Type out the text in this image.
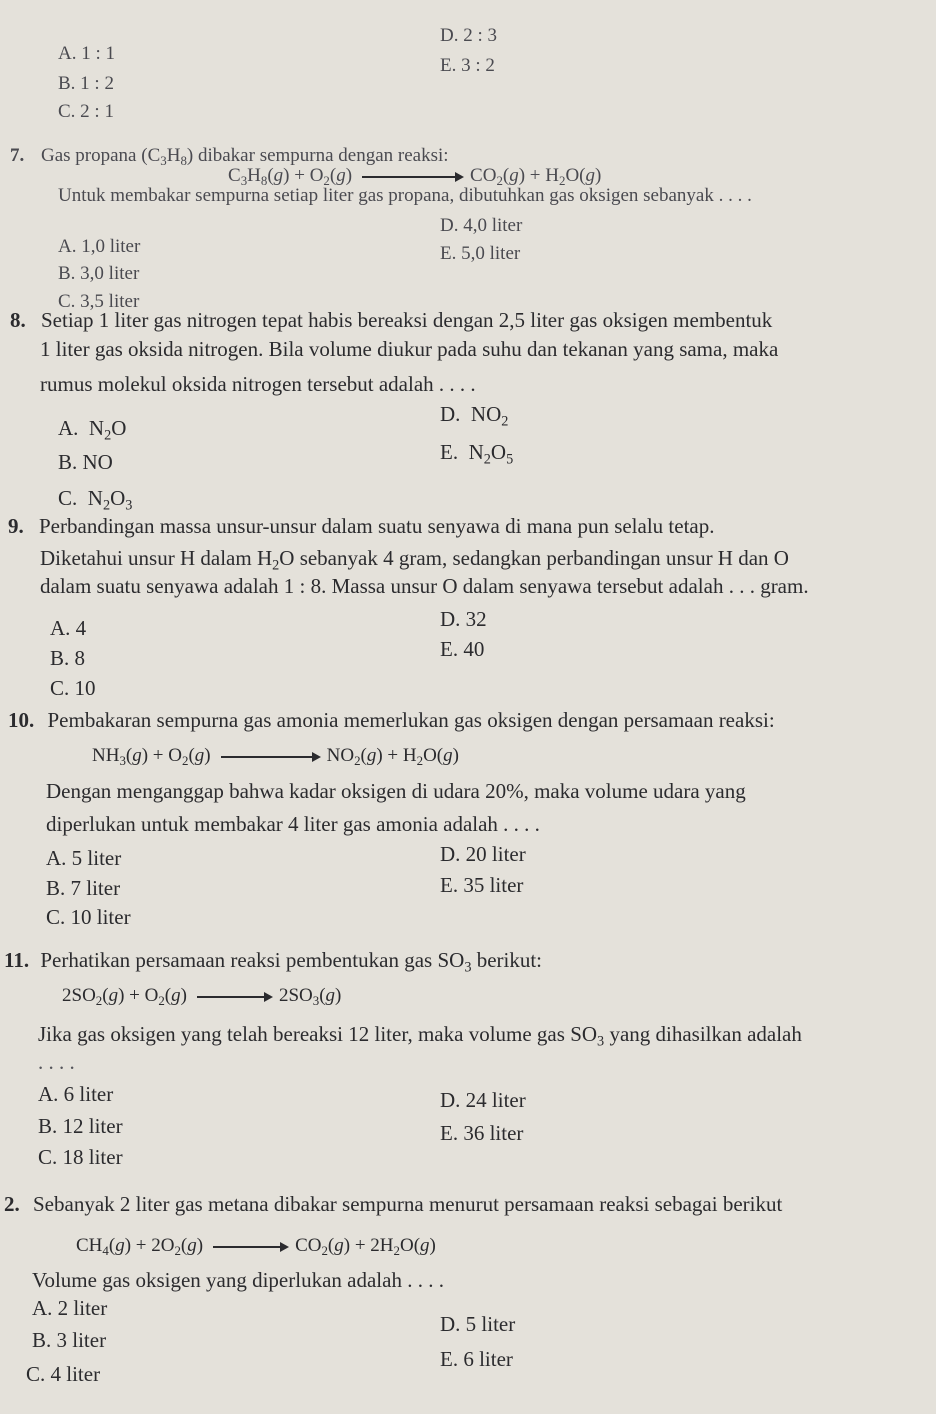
A. 1 : 1
B. 1 : 2
C. 2 : 1
D. 2 : 3
E. 3 : 2
7. Gas propana $(C_3H_8)$ dibakar sempurna dengan reaksi:
$C_3H_8(g) + O_2(g)$	$CO_2(g) + H_2O(g)$
Untuk membakar sempurna setiap liter gas propana, dibutuhkan gas oksigen sebanyak . . . .
A. 1,0 liter
B. 3,0 liter
C. 3,5 liter
D. 4,0 liter
E. 5,0 liter
8. Setiap 1 liter gas nitrogen tepat habis bereaksi dengan 2,5 liter gas oksigen membentuk
1 liter gas oksida nitrogen. Bila volume diukur pada suhu dan tekanan yang sama, maka
rumus molekul oksida nitrogen tersebut adalah . . . .
A.  $N_2O$
B. NO
C.  $N_2O_3$
D.  $NO_2$
E.  $N_2O_5$
9. Perbandingan massa unsur-unsur dalam suatu senyawa di mana pun selalu tetap.
Diketahui unsur H dalam $H_2O$ sebanyak 4 gram, sedangkan perbandingan unsur H dan O
dalam suatu senyawa adalah 1 : 8. Massa unsur O dalam senyawa tersebut adalah . . . gram.
A. 4
B. 8
C. 10
D. 32
E. 40
10. Pembakaran sempurna gas amonia memerlukan gas oksigen dengan persamaan reaksi:
$NH_3(g) + O_2(g)$	$NO_2(g) + H_2O(g)$
Dengan menganggap bahwa kadar oksigen di udara 20%, maka volume udara yang
diperlukan untuk membakar 4 liter gas amonia adalah . . . .
A. 5 liter
B. 7 liter
C. 10 liter
D. 20 liter
E. 35 liter
11. Perhatikan persamaan reaksi pembentukan gas $SO_3$ berikut:
$2SO_2(g) + O_2(g)$	$2SO_3(g)$
Jika gas oksigen yang telah bereaksi 12 liter, maka volume gas $SO_3$ yang dihasilkan adalah
. . . .
A. 6 liter
B. 12 liter
C. 18 liter
D. 24 liter
E. 36 liter
2. Sebanyak 2 liter gas metana dibakar sempurna menurut persamaan reaksi sebagai berikut
$CH_4(g) + 2O_2(g)$	$CO_2(g) + 2H_2O(g)$
Volume gas oksigen yang diperlukan adalah . . . .
A. 2 liter
B. 3 liter
C. 4 liter
D. 5 liter
E. 6 liter
